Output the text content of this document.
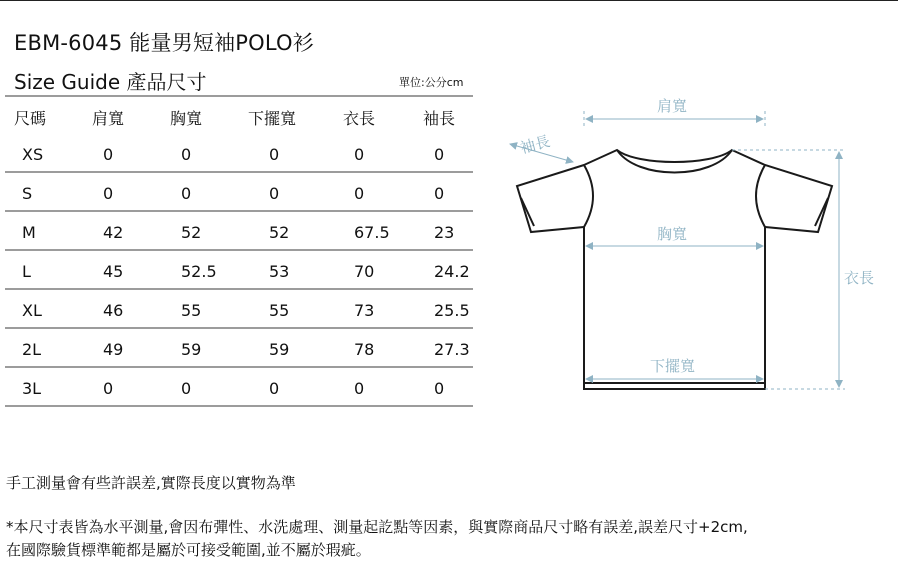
EBM-6045 能量男短袖POLO衫
Size Guide 產品尺寸	單位:公分cm
尺碼	肩寬	胸寬	下擺寬	衣長	袖長
XS	0	0	0	0	0
S	0	0	0	0	0
M	42	52	52	67.5	23
L	45	52.5	53	70	24.2
XL	46	55	55	73	25.5
2L	49	59	59	78	27.3
3L	0	0	0	0	0
肩寬
袖長
胸寬
衣長
下擺寬
手工測量會有些許誤差,實際長度以實物為準
*本尺寸表皆為水平測量,會因布彈性、水洗處理、測量起訖點等因素，與實際商品尺寸略有誤差,誤差尺寸+2cm,
在國際驗貨標準範都是屬於可接受範圍,並不屬於瑕疵。
